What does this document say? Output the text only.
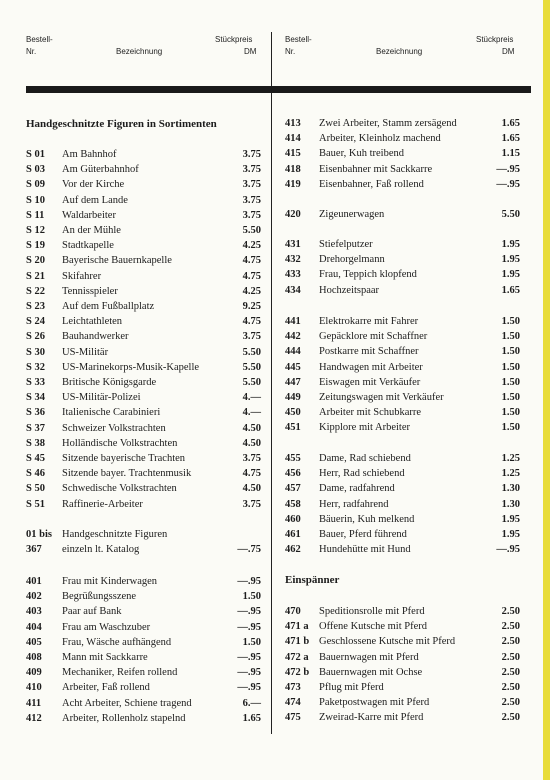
Bestell-
Nr.	Bezeichnung
Stückpreis
DM
Bestell-
Nr.	Bezeichnung
Stückpreis
DM
Handgeschnitzte Figuren in Sortimenten
Einspänner
S 01 Am Bahnhof	3.75
S 03 Am Güterbahnhof	3.75
S 09 Vor der Kirche	3.75
S 10 Auf dem Lande	3.75
S 11 Waldarbeiter	3.75
S 12 An der Mühle	5.50
S 19 Stadtkapelle	4.25
S 20 Bayerische Bauernkapelle	4.75
S 21 Skifahrer	4.75
S 22 Tennisspieler	4.25
S 23 Auf dem Fußballplatz	9.25
S 24 Leichtathleten	4.75
S 26 Bauhandwerker	3.75
S 30 US-Militär	5.50
S 32 US-Marinekorps-Musik-Kapelle	5.50
S 33 Britische Königsgarde	5.50
S 34 US-Militär-Polizei	4.—
S 36 Italienische Carabinieri	4.—
S 37 Schweizer Volkstrachten	4.50
S 38 Holländische Volkstrachten	4.50
S 45 Sitzende bayerische Trachten	3.75
S 46 Sitzende bayer. Trachtenmusik	4.75
S 50 Schwedische Volkstrachten	4.50
S 51 Raffinerie-Arbeiter	3.75
01 bis Handgeschnitzte Figuren
367 einzeln lt. Katalog	—.75
401 Frau mit Kinderwagen	—.95
402 Begrüßungsszene	1.50
403 Paar auf Bank	—.95
404 Frau am Waschzuber	—.95
405 Frau, Wäsche aufhängend	1.50
408 Mann mit Sackkarre	—.95
409 Mechaniker, Reifen rollend	—.95
410 Arbeiter, Faß rollend	—.95
411 Acht Arbeiter, Schiene tragend	6.—
412 Arbeiter, Rollenholz stapelnd	1.65
413 Zwei Arbeiter, Stamm zersägend	1.65
414 Arbeiter, Kleinholz machend	1.65
415 Bauer, Kuh treibend	1.15
418 Eisenbahner mit Sackkarre	—.95
419 Eisenbahner, Faß rollend	—.95
420 Zigeunerwagen	5.50
431 Stiefelputzer	1.95
432 Drehorgelmann	1.95
433 Frau, Teppich klopfend	1.95
434 Hochzeitspaar	1.65
441 Elektrokarre mit Fahrer	1.50
442 Gepäcklore mit Schaffner	1.50
444 Postkarre mit Schaffner	1.50
445 Handwagen mit Arbeiter	1.50
447 Eiswagen mit Verkäufer	1.50
449 Zeitungswagen mit Verkäufer	1.50
450 Arbeiter mit Schubkarre	1.50
451 Kipplore mit Arbeiter	1.50
455 Dame, Rad schiebend	1.25
456 Herr, Rad schiebend	1.25
457 Dame, radfahrend	1.30
458 Herr, radfahrend	1.30
460 Bäuerin, Kuh melkend	1.95
461 Bauer, Pferd führend	1.95
462 Hundehütte mit Hund	—.95
470 Speditionsrolle mit Pferd	2.50
471 a Offene Kutsche mit Pferd	2.50
471 b Geschlossene Kutsche mit Pferd	2.50
472 a Bauernwagen mit Pferd	2.50
472 b Bauernwagen mit Ochse	2.50
473 Pflug mit Pferd	2.50
474 Paketpostwagen mit Pferd	2.50
475 Zweirad-Karre mit Pferd	2.50
